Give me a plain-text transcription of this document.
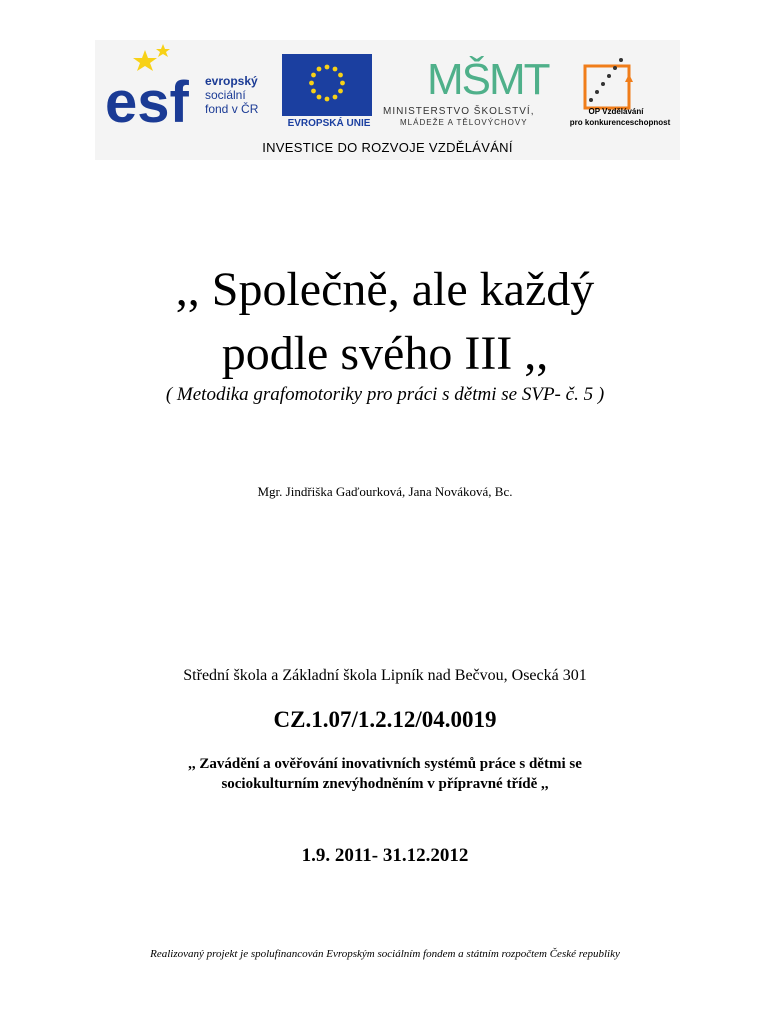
esf evropský
sociální
fond v ČR
EVROPSKÁ UNIE
MŠMT
MINISTERSTVO ŠKOLSTVÍ,
MLÁDEŽE A TĚLOVÝCHOVY
OP Vzdělávání
pro konkurenceschopnost
INVESTICE DO ROZVOJE VZDĚLÁVÁNÍ
,, Společně, ale každý
podle svého III ,,
( Metodika grafomotoriky pro práci s dětmi se SVP- č. 5 )
Mgr. Jindřiška Gaďourková, Jana Nováková, Bc.
Střední škola a Základní škola Lipník nad Bečvou, Osecká 301
CZ.1.07/1.2.12/04.0019
,, Zavádění a ověřování inovativních systémů práce s dětmi se
sociokulturním znevýhodněním v přípravné třídě ,,
1.9. 2011- 31.12.2012
Realizovaný projekt je spolufinancován Evropským sociálním fondem a státním rozpočtem České republiky
